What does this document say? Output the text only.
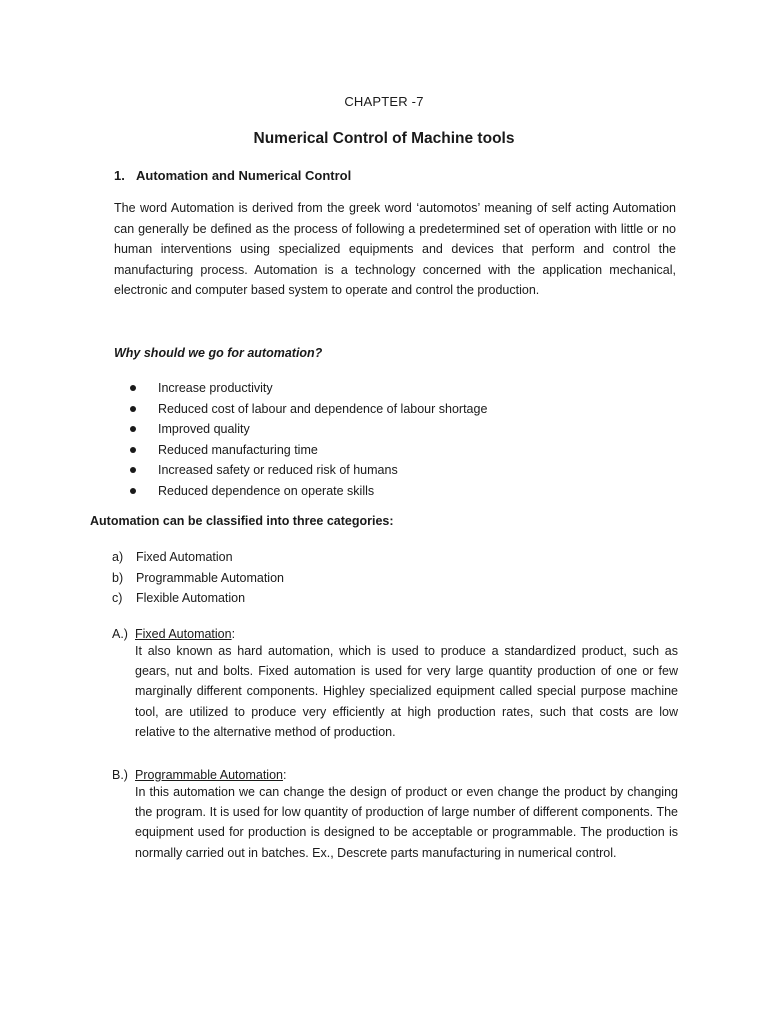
CHAPTER -7
Numerical Control of Machine tools
1. Automation and Numerical Control

The word Automation is derived from the greek word ‘automotos’ meaning of self acting Automation can generally be defined as the process of following a predetermined set of operation with little or no human interventions using specialized equipments and devices that perform and control the manufacturing process. Automation is a technology concerned with the application mechanical, electronic and computer based system to operate and control the production.

Why should we go for automation?
Increase productivity
Reduced cost of labour and dependence of labour shortage
Improved quality
Reduced manufacturing time
Increased safety or reduced risk of humans
Reduced dependence on operate skills
Automation can be classified into three categories:
a) Fixed Automation
b) Programmable Automation
c) Flexible Automation
A.) Fixed Automation:
It also known as hard automation, which is used to produce a standardized product, such as gears, nut and bolts. Fixed automation is used for very large quantity production of one or few marginally different components. Highley specialized equipment called special purpose machine tool, are utilized to produce very efficiently at high production rates, such that costs are low relative to the alternative method of production.
B.) Programmable Automation:
In this automation we can change the design of product or even change the product by changing the program. It is used for low quantity of production of large number of different components. The equipment used for production is designed to be acceptable or programmable. The production is normally carried out in batches. Ex., Descrete parts manufacturing in numerical control.
